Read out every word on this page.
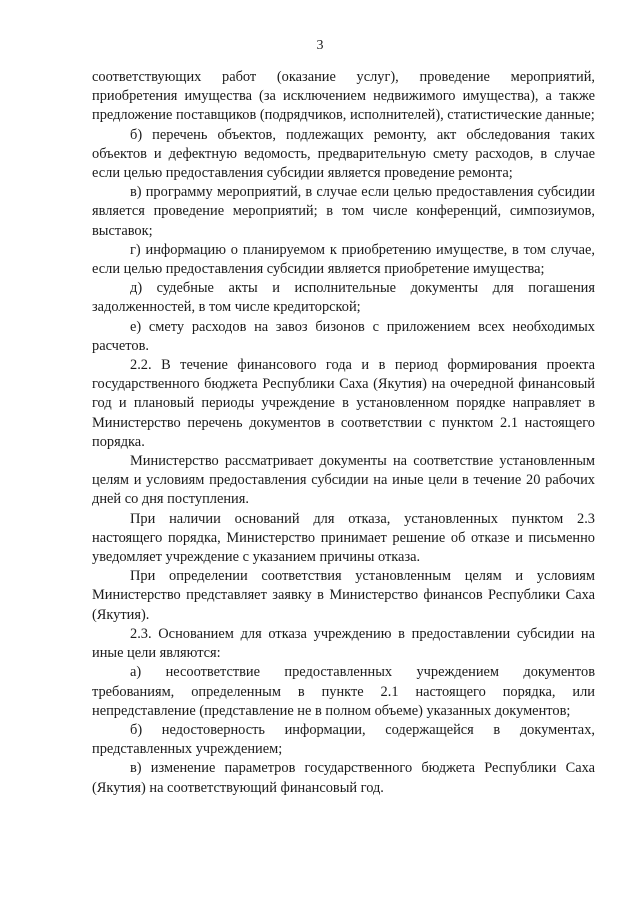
3

соответствующих работ (оказание услуг), проведение мероприятий, приобретения имущества (за исключением недвижимого имущества), а также предложение поставщиков (подрядчиков, исполнителей), статистические данные;

б) перечень объектов, подлежащих ремонту, акт обследования таких объектов и дефектную ведомость, предварительную смету расходов, в случае если целью предоставления субсидии является проведение ремонта;

в) программу мероприятий, в случае если целью предоставления субсидии является проведение мероприятий; в том числе конференций, симпозиумов, выставок;

г) информацию о планируемом к приобретению имуществе, в том случае, если целью предоставления субсидии является приобретение имущества;

д) судебные акты и исполнительные документы для погашения задолженностей, в том числе кредиторской;

е) смету расходов на завоз бизонов с приложением всех необходимых расчетов.

2.2. В течение финансового года и в период формирования проекта государственного бюджета Республики Саха (Якутия) на очередной финансовый год и плановый периоды учреждение в установленном порядке направляет в Министерство перечень документов в соответствии с пунктом 2.1 настоящего порядка.

Министерство рассматривает документы на соответствие установленным целям и условиям предоставления субсидии на иные цели в течение 20 рабочих дней со дня поступления.

При наличии оснований для отказа, установленных пунктом 2.3 настоящего порядка, Министерство принимает решение об отказе и письменно уведомляет учреждение с указанием причины отказа.

При определении соответствия установленным целям и условиям Министерство представляет заявку в Министерство финансов Республики Саха (Якутия).

2.3. Основанием для отказа учреждению в предоставлении субсидии на иные цели являются:

а) несоответствие предоставленных учреждением документов требованиям, определенным в пункте 2.1 настоящего порядка, или непредставление (представление не в полном объеме) указанных документов;

б) недостоверность информации, содержащейся в документах, представленных учреждением;

в) изменение параметров государственного бюджета Республики Саха (Якутия) на соответствующий финансовый год.
